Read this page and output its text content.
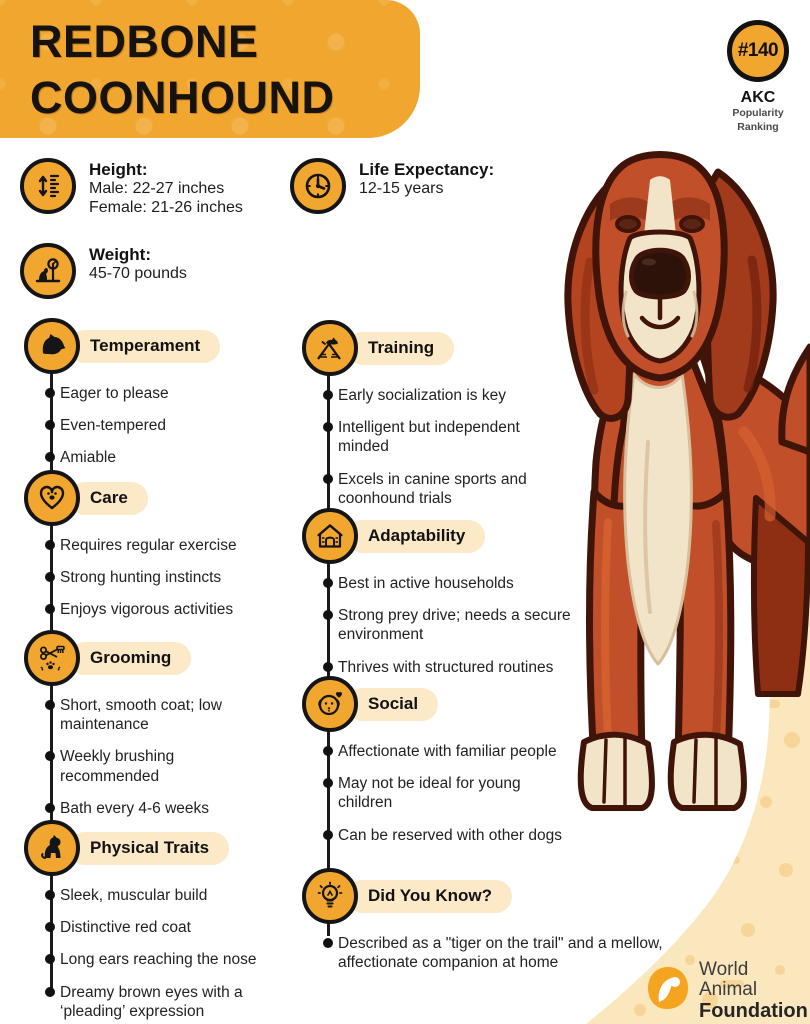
REDBONE
COONHOUND
#140
AKC
Popularity
Ranking
Height:
Male: 22-27 inches
Female: 21-26 inches
Life Expectancy:
12-15 years
Weight:
45-70 pounds
Temperament
Eager to please
Even-tempered
Amiable
Care
Requires regular exercise
Strong hunting instincts
Enjoys vigorous activities
Grooming
Short, smooth coat; low maintenance
Weekly brushing recommended
Bath every 4-6 weeks
Physical Traits
Sleek, muscular build
Distinctive red coat
Long ears reaching the nose
Dreamy brown eyes with a ‘pleading’ expression
Training
Early socialization is key
Intelligent but independent minded
Excels in canine sports and coonhound trials
Adaptability
Best in active households
Strong prey drive; needs a secure environment
Thrives with structured routines
Social
Affectionate with familiar people
May not be ideal for young children
Can be reserved with other dogs
Did You Know?
Described as a "tiger on the trail" and a mellow, affectionate companion at home	World Animal
Foundation
